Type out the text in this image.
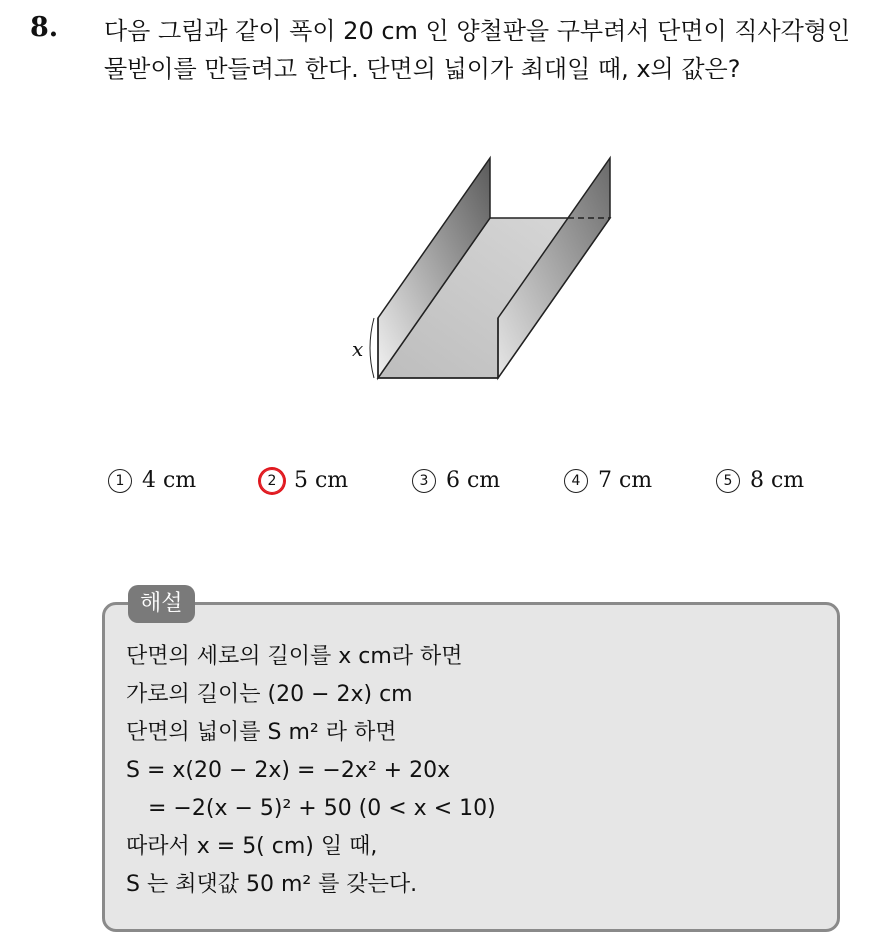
8. 다음 그림과 같이 폭이 20 cm 인 양철판을 구부려서 단면이 직사각형인
물받이를 만들려고 한다. 단면의 넓이가 최대일 때, x의 값은?
x
1 4 cm	2 5 cm	3 6 cm	4 7 cm	5 8 cm
해설
단면의 세로의 길이를 x cm라 하면
가로의 길이는 (20 − 2x) cm
단면의 넓이를 S m² 라 하면
S = x(20 − 2x) = −2x² + 20x
= −2(x − 5)² + 50 (0 < x < 10)
따라서 x = 5( cm) 일 때,
S 는 최댓값 50 m² 를 갖는다.
